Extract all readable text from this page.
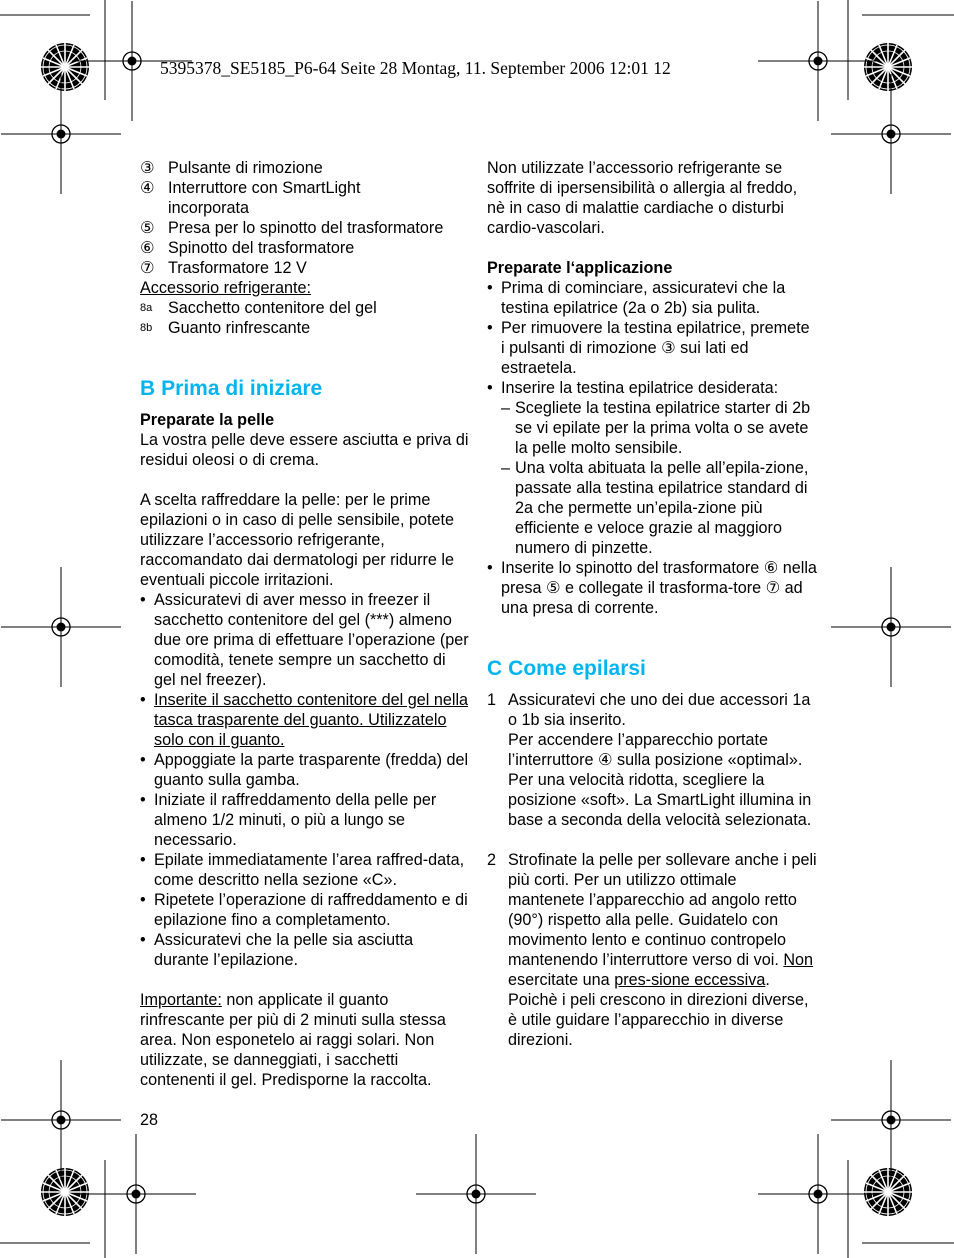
5395378_SE5185_P6-64 Seite 28 Montag, 11. September 2006 12:01 12
③ Pulsante di rimozione
④ Interruttore con SmartLight
incorporata
⑤ Presa per lo spinotto del trasformatore
⑥ Spinotto del trasformatore
⑦ Trasformatore 12 V

Accessorio refrigerante:

8a Sacchetto contenitore del gel
8b Guanto rinfrescante
B Prima di iniziare

Preparate la pelle

La vostra pelle deve essere asciutta e priva di residui oleosi o di crema.

A scelta raffreddare la pelle: per le prime epilazioni o in caso di pelle sensibile, potete utilizzare l’accessorio refrigerante, raccomandato dai dermatologi per ridurre le eventuali piccole irritazioni.

• Assicuratevi di aver messo in freezer il sacchetto contenitore del gel (***) almeno due ore prima di effettuare l’operazione (per comodità, tenete sempre un sacchetto di gel nel freezer).
• Inserite il sacchetto contenitore del gel nella tasca trasparente del guanto. Utilizzatelo solo con il guanto.
• Appoggiate la parte trasparente (fredda) del guanto sulla gamba.
• Iniziate il raffreddamento della pelle per almeno 1/2 minuti, o più a lungo se necessario.
• Epilate immediatamente l’area raffred-data, come descritto nella sezione «C».
• Ripetete l’operazione di raffreddamento e di epilazione fino a completamento.
• Assicuratevi che la pelle sia asciutta durante l’epilazione.

Importante: non applicate il guanto rinfrescante per più di 2 minuti sulla stessa area. Non esponetelo ai raggi solari. Non utilizzate, se danneggiati, i sacchetti contenenti il gel. Predisporne la raccolta.

Non utilizzate l’accessorio refrigerante se soffrite di ipersensibilità o allergia al freddo, nè in caso di malattie cardiache o disturbi cardio-vascolari.

Preparate l‘applicazione

• Prima di cominciare, assicuratevi che la testina epilatrice (2a o 2b) sia pulita.
• Per rimuovere la testina epilatrice, premete i pulsanti di rimozione ③ sui lati ed estraetela.
• Inserire la testina epilatrice desiderata:
– Scegliete la testina epilatrice starter di 2b se vi epilate per la prima volta o se avete la pelle molto sensibile.
– Una volta abituata la pelle all’epila-zione, passate alla testina epilatrice standard di 2a che permette un’epila-zione più efficiente e veloce grazie al maggioro numero di pinzette.
• Inserite lo spinotto del trasformatore ⑥ nella presa ⑤ e collegate il trasforma-tore ⑦ ad una presa di corrente.
C Come epilarsi
1 Assicuratevi che uno dei due accessori 1a o 1b sia inserito.

Per accendere l’apparecchio portate l’interruttore ④ sulla posizione «optimal». Per una velocità ridotta, scegliere la posizione «soft». La SmartLight illumina in base a seconda della velocità selezionata.

2 Strofinate la pelle per sollevare anche i peli più corti. Per un utilizzo ottimale mantenete l’apparecchio ad angolo retto (90°) rispetto alla pelle. Guidatelo con movimento lento e continuo contropelo mantenendo l’interruttore verso di voi. Non esercitate una pres-sione eccessiva.

Poichè i peli crescono in direzioni diverse, è utile guidare l’apparecchio in diverse direzioni.

28
